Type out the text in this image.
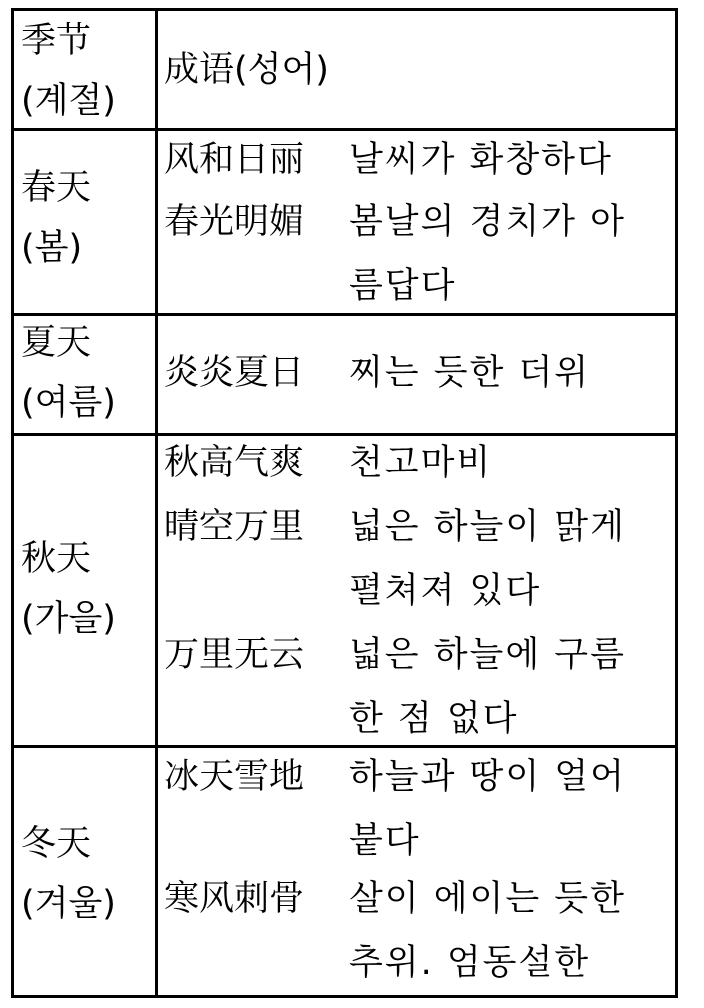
季节
(계절)
成语(성어)
春天
(봄)
风和日丽 날씨가 화창하다
春光明媚 봄날의 경치가 아
름답다
夏天
(여름)
炎炎夏日 찌는 듯한 더위
秋天
(가을)
秋高气爽 천고마비
晴空万里 넓은 하늘이 맑게
펼쳐져 있다
万里无云 넓은 하늘에 구름
한 점 없다
冬天
(겨울)
冰天雪地 하늘과 땅이 얼어
붙다
寒风刺骨 살이 에이는 듯한
추위. 엄동설한
